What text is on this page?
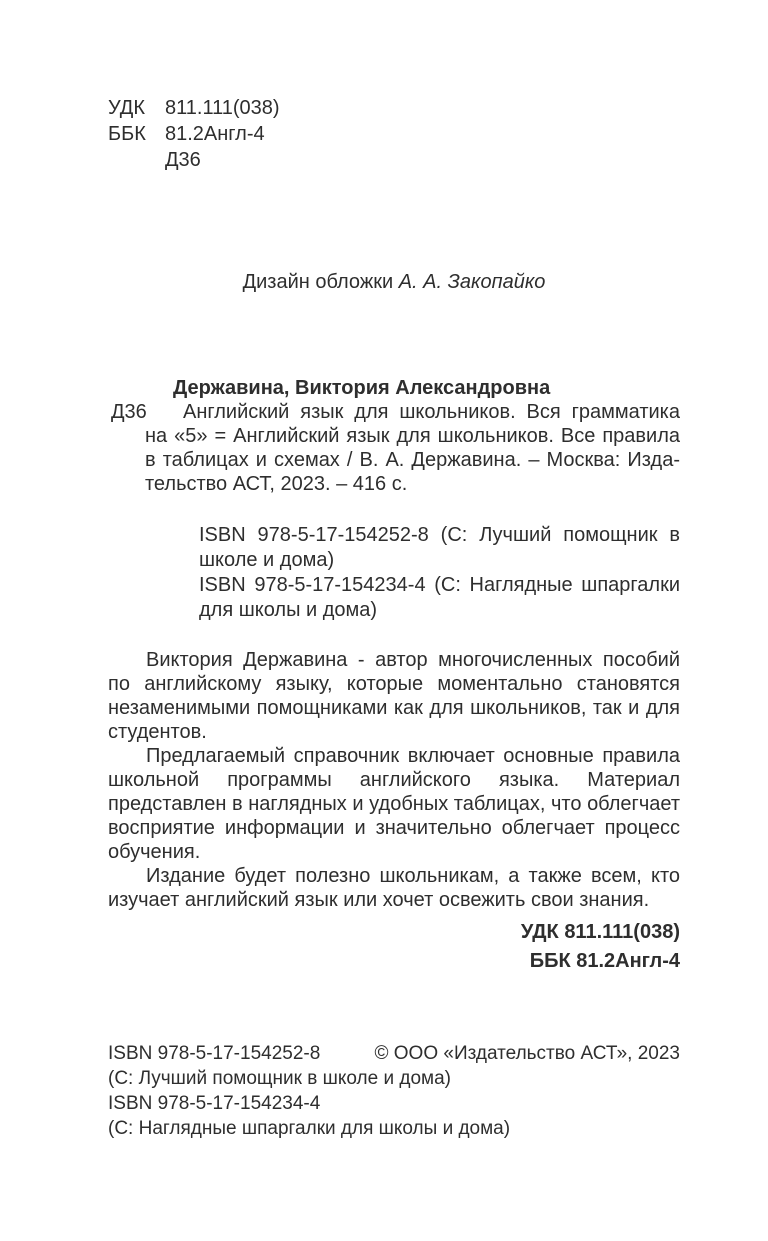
УДК 811.111(038)
ББК 81.2Англ-4
Д36
Дизайн обложки А. А. Закопайко
Державина, Виктория Александровна
Д36	Английский язык для школьников. Вся грамматика на «5» = Английский язык для школьников. Все правила в таблицах и схемах / В. А. Державина. – Москва: Издательство АСТ, 2023. – 416 с.

ISBN 978-5-17-154252-8 (С: Лучший помощник в школе и дома)

ISBN 978-5-17-154234-4 (С: Наглядные шпаргалки для школы и дома)

Виктория Державина - автор многочисленных пособий по английскому языку, которые моментально становятся незаменимыми помощниками как для школьников, так и для студентов.

Предлагаемый справочник включает основные правила школьной программы английского языка. Материал представлен в наглядных и удобных таблицах, что облегчает восприятие информации и значительно облегчает процесс обучения.

Издание будет полезно школьникам, а также всем, кто изучает английский язык или хочет освежить свои знания.

УДК 811.111(038)
ББК 81.2Англ-4
ISBN 978-5-17-154252-8	© ООО «Издательство АСТ», 2023
(С: Лучший помощник в школе и дома)
ISBN 978-5-17-154234-4
(С: Наглядные шпаргалки для школы и дома)
